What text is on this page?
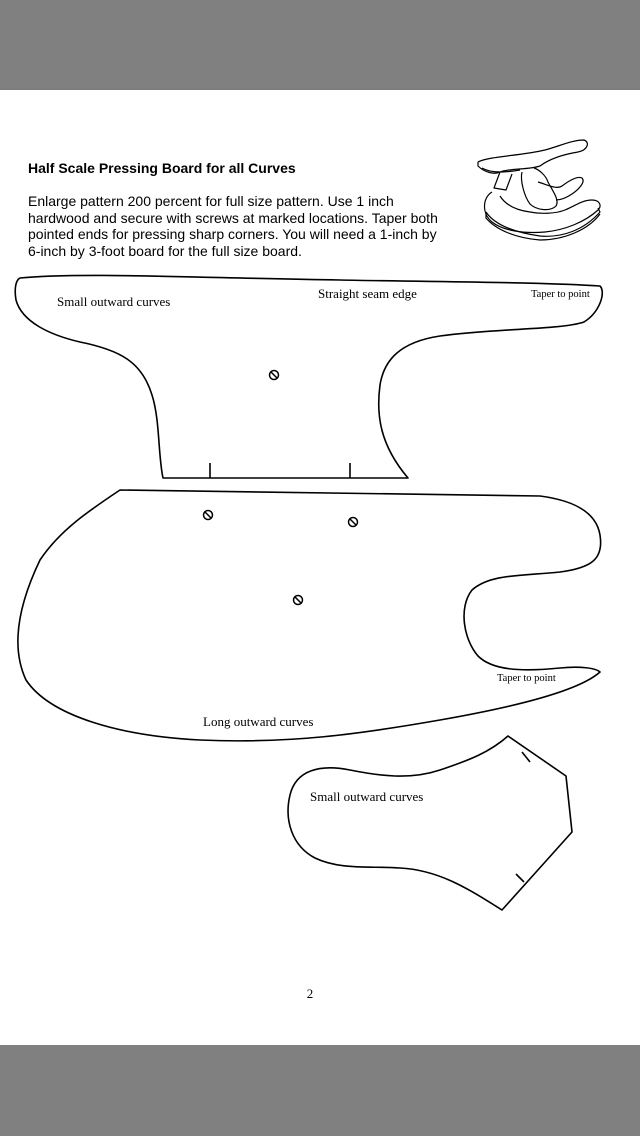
Half Scale Pressing Board for all Curves
Enlarge pattern 200 percent for full size pattern. Use 1 inch
hardwood and secure with screws at marked locations. Taper both
pointed ends for pressing sharp corners. You will need a 1-inch by
6-inch by 3-foot board for the full size board.
Small outward curves
Straight seam edge	Taper to point
Taper to point
Long outward curves
Small outward curves
2
